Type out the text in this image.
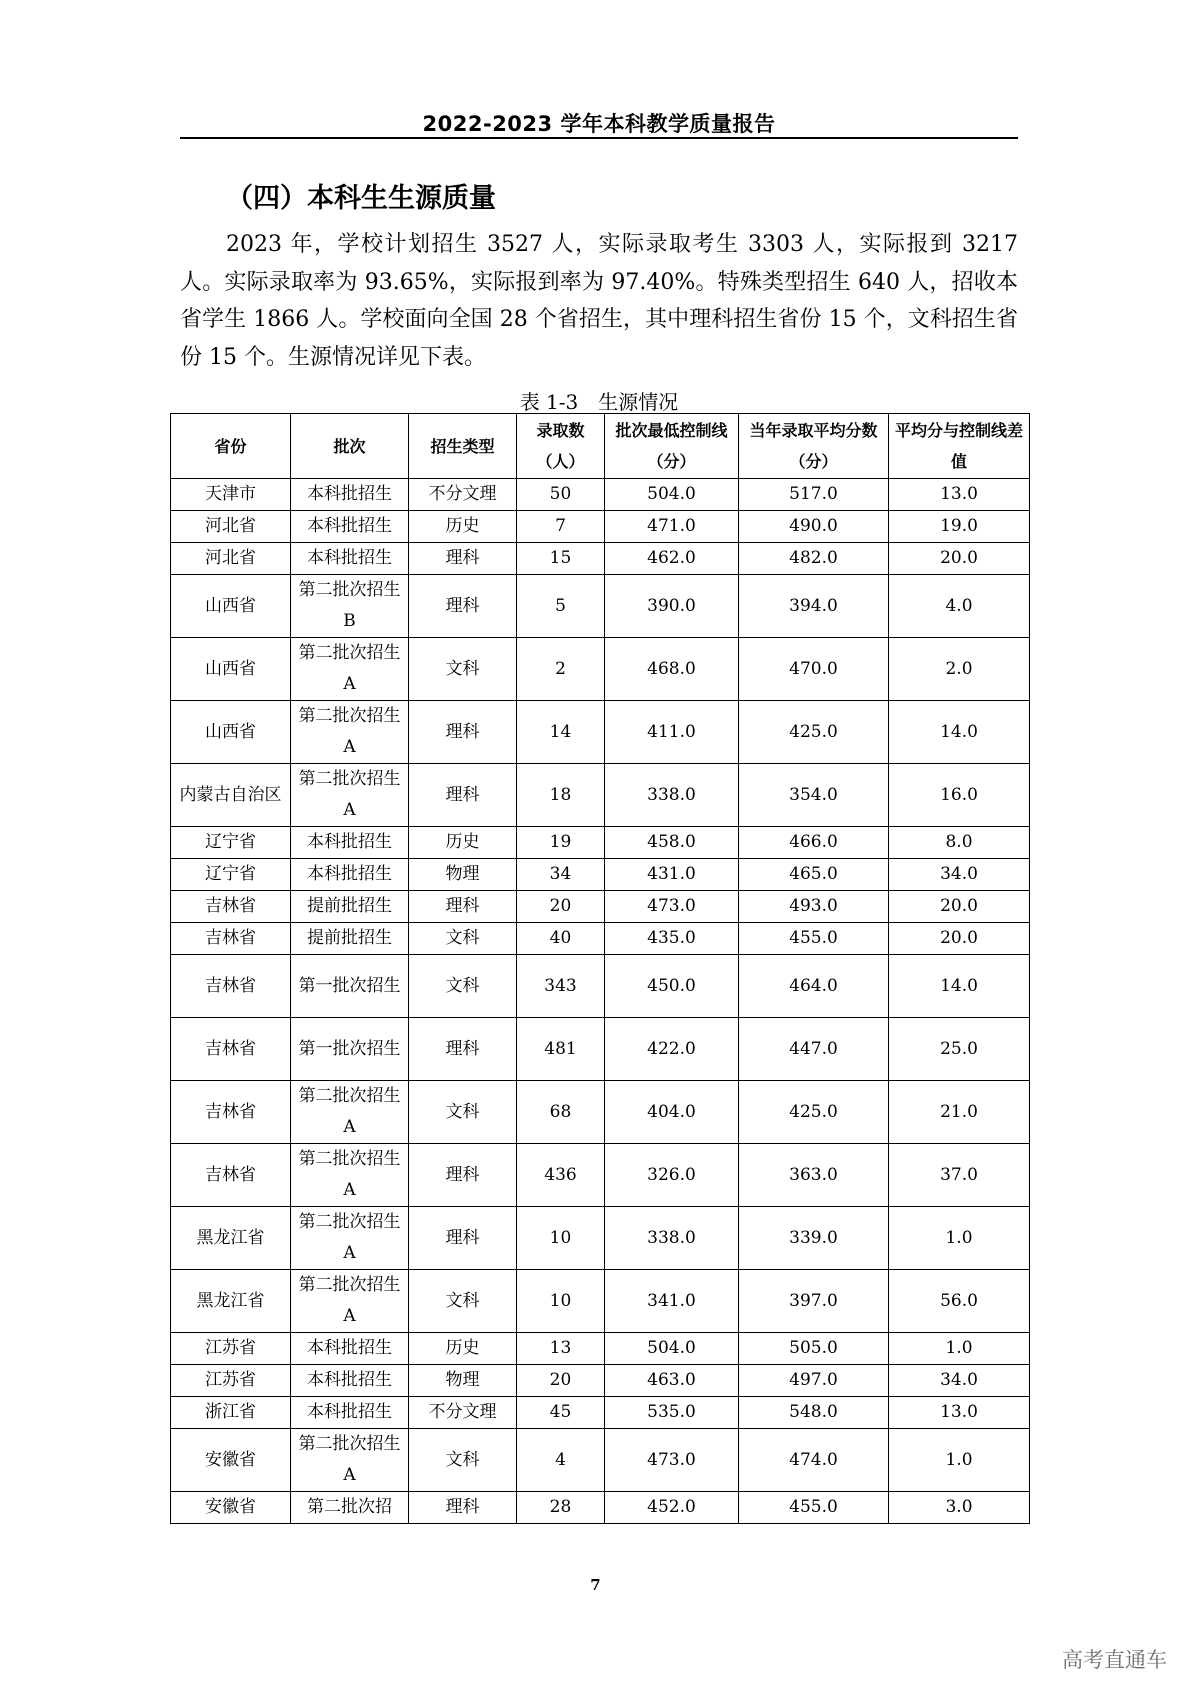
2022-2023 学年本科教学质量报告
（四）本科生生源质量

2023 年，学校计划招生 3527 人，实际录取考生 3303 人，实际报到 3217 人。实际录取率为 93.65%，实际报到率为 97.40%。特殊类型招生 640 人，招收本省学生 1866 人。学校面向全国 28 个省招生，其中理科招生省份 15 个，文科招生省份 15 个。生源情况详见下表。

表 1-3　生源情况
省份	批次	招生类型	录取数（人）	批次最低控制线（分）	当年录取平均分数（分）	平均分与控制线差值
天津市	本科批招生	不分文理	50	504.0	517.0	13.0
河北省	本科批招生	历史	7	471.0	490.0	19.0
河北省	本科批招生	理科	15	462.0	482.0	20.0
山西省	第二批次招生B	理科	5	390.0	394.0	4.0
山西省	第二批次招生A	文科	2	468.0	470.0	2.0
山西省	第二批次招生A	理科	14	411.0	425.0	14.0
内蒙古自治区	第二批次招生A	理科	18	338.0	354.0	16.0
辽宁省	本科批招生	历史	19	458.0	466.0	8.0
辽宁省	本科批招生	物理	34	431.0	465.0	34.0
吉林省	提前批招生	理科	20	473.0	493.0	20.0
吉林省	提前批招生	文科	40	435.0	455.0	20.0
吉林省	第一批次招生	文科	343	450.0	464.0	14.0
吉林省	第一批次招生	理科	481	422.0	447.0	25.0
吉林省	第二批次招生A	文科	68	404.0	425.0	21.0
吉林省	第二批次招生A	理科	436	326.0	363.0	37.0
黑龙江省	第二批次招生A	理科	10	338.0	339.0	1.0
黑龙江省	第二批次招生A	文科	10	341.0	397.0	56.0
江苏省	本科批招生	历史	13	504.0	505.0	1.0
江苏省	本科批招生	物理	20	463.0	497.0	34.0
浙江省	本科批招生	不分文理	45	535.0	548.0	13.0
安徽省	第二批次招生A	文科	4	473.0	474.0	1.0
安徽省	第二批次招	理科	28	452.0	455.0	3.0
7
高考直通车
